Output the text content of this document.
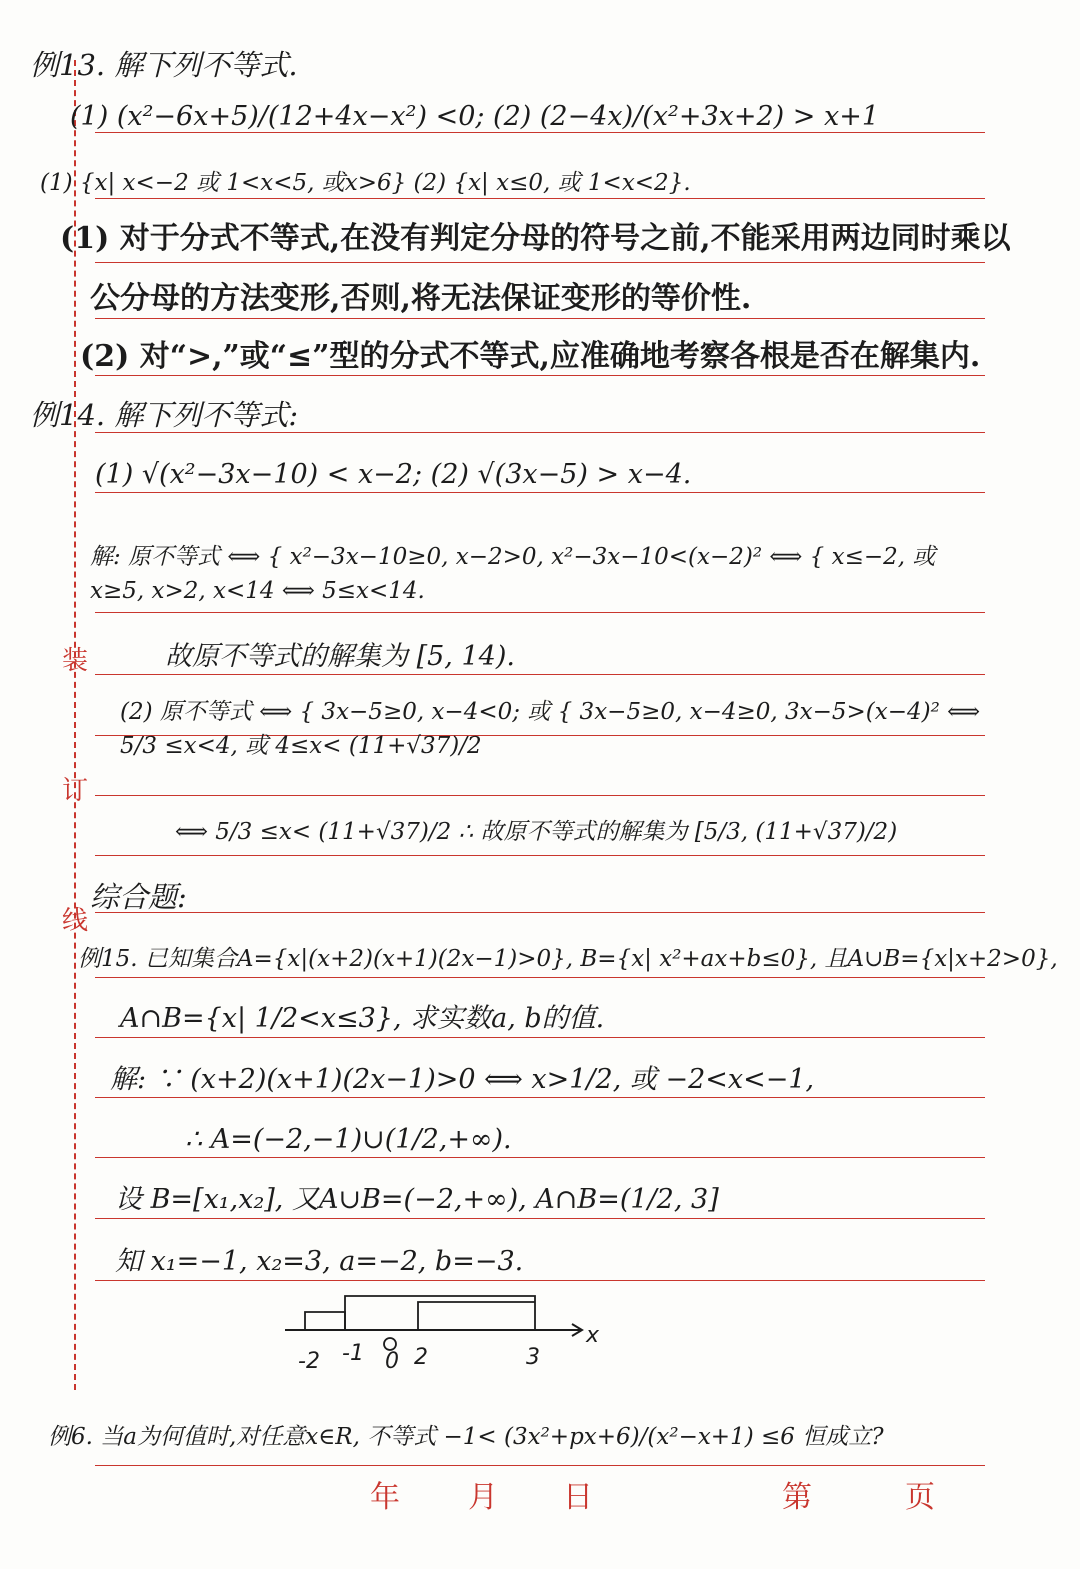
装
订
线
例13. 解下列不等式.
(1) (x²−6x+5)/(12+4x−x²) <0; (2) (2−4x)/(x²+3x+2) > x+1
(1) {x| x<−2 或 1<x<5, 或x>6} (2) {x| x≤0, 或 1<x<2}.
(1) 对于分式不等式,在没有判定分母的符号之前,不能采用两边同时乘以
公分母的方法变形,否则,将无法保证变形的等价性.
(2) 对“>,”或“≤”型的分式不等式,应准确地考察各根是否在解集内.
例14. 解下列不等式:
(1) √(x²−3x−10) < x−2; (2) √(3x−5) > x−4.
解: 原不等式 ⟺ { x²−3x−10≥0, x−2>0, x²−3x−10<(x−2)² ⟺ { x≤−2, 或 x≥5, x>2, x<14 ⟺ 5≤x<14.
故原不等式的解集为 [5, 14).
(2) 原不等式 ⟺ { 3x−5≥0, x−4<0; 或 { 3x−5≥0, x−4≥0, 3x−5>(x−4)² ⟺ 5/3 ≤x<4, 或 4≤x< (11+√37)/2
⟺ 5/3 ≤x< (11+√37)/2 ∴ 故原不等式的解集为 [5/3, (11+√37)/2)
综合题:
例15. 已知集合A={x|(x+2)(x+1)(2x−1)>0}, B={x| x²+ax+b≤0}, 且A∪B={x|x+2>0},
A∩B={x| 1/2<x≤3}, 求实数a, b的值.
解: ∵ (x+2)(x+1)(2x−1)>0 ⟺ x>1/2, 或 −2<x<−1,
∴ A=(−2,−1)∪(1/2,+∞).
设 B=[x₁,x₂], 又A∪B=(−2,+∞), A∩B=(1/2, 3]
知 x₁=−1, x₂=3, a=−2, b=−3.
-2 -1 0 2	3
x
例6. 当a为何值时,对任意x∈R, 不等式 −1< (3x²+px+6)/(x²−x+1) ≤6 恒成立?
年 月 日	第	页
